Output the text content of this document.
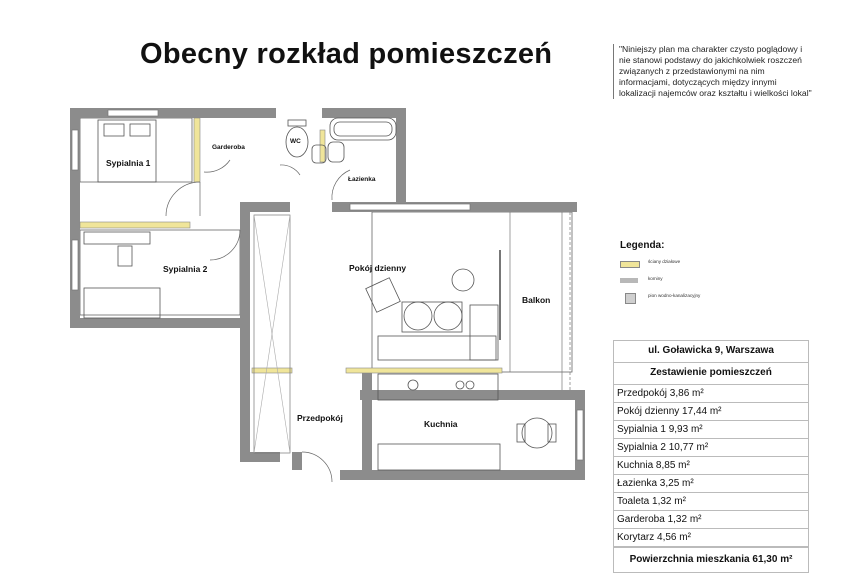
Obecny rozkład pomieszczeń	"Niniejszy plan ma charakter czysto poglądowy i nie stanowi podstawy do jakichkolwiek roszczeń związanych z przedstawionymi na nim informacjami, dotyczących między innymi lokalizacji najemców oraz kształtu i wielkości lokal"
Sypialnia 1
Garderoba
WC
Łazienka
Sypialnia 2	Pokój dzienny
Balkon
Przedpokój
Kuchnia
Legenda:
ściany działowe
kominy
pion wodno-kanalizacyjny
ul. Goławicka 9, Warszawa
Zestawienie pomieszczeń
Przedpokój 3,86 m²
Pokój dzienny 17,44 m²
Sypialnia 1 9,93 m²
Sypialnia 2 10,77 m²
Kuchnia 8,85 m²
Łazienka 3,25 m²
Toaleta 1,32 m²
Garderoba 1,32 m²
Korytarz 4,56 m²
Powierzchnia mieszkania 61,30 m²
